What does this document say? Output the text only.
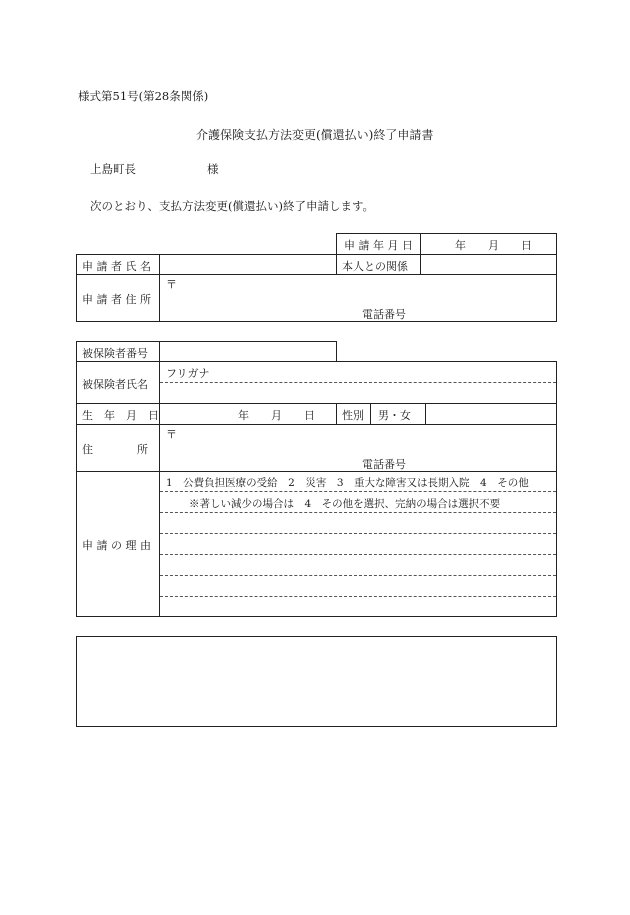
様式第51号(第28条関係)
介護保険支払方法変更(償還払い)終了申請書
上島町長	様
次のとおり、支払方法変更(償還払い)終了申請します。
申 請 年 月 日	年　　月　　日
申 請 者 氏 名	本人との関係
申 請 者 住 所
〒
電話番号
被保険者番号
被保険者氏名
フリガナ
生　年　月　日	年　　月　　日 性別 男・女
住　　　　所
〒
電話番号
申 請 の 理 由
1　公費負担医療の受給　2　災害　3　重大な障害又は長期入院　4　その他
※著しい減少の場合は　4　その他を選択、完納の場合は選択不要
